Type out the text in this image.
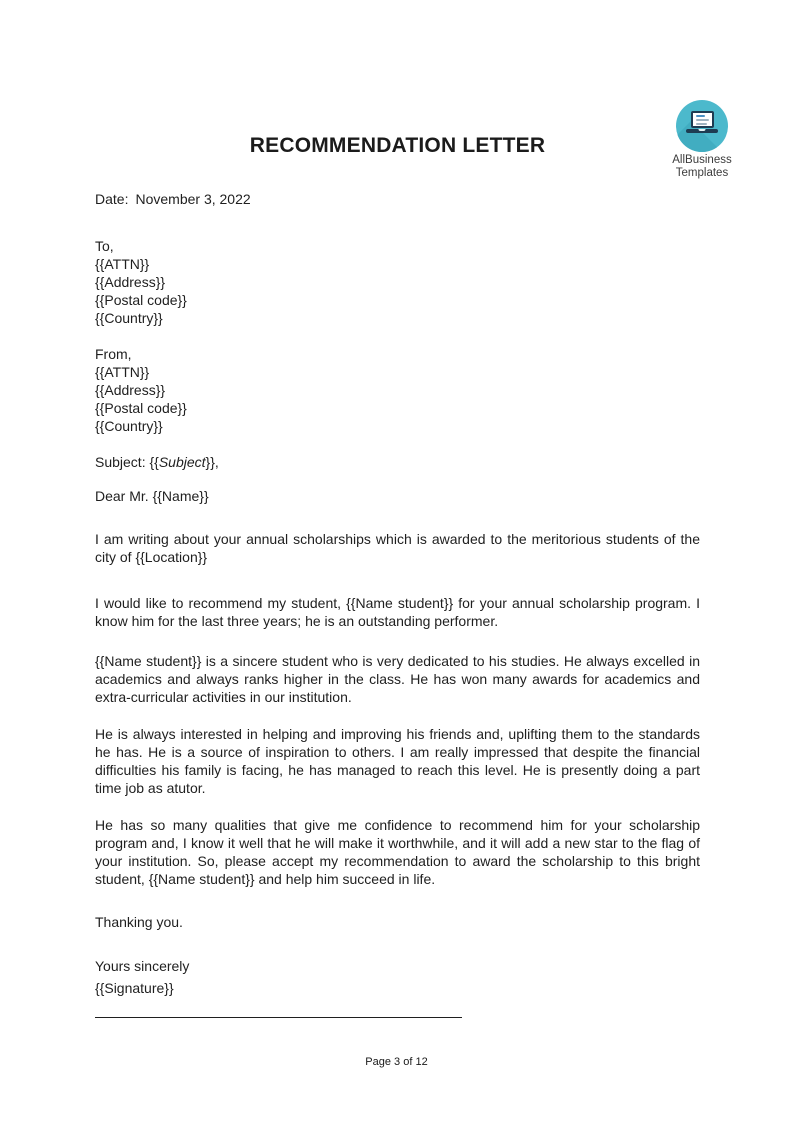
AllBusiness
Templates
RECOMMENDATION LETTER
Date: November 3, 2022
To,
{{ATTN}}
{{Address}}
{{Postal code}}
{{Country}}
From,
{{ATTN}}
{{Address}}
{{Postal code}}
{{Country}}
Subject: {{Subject}},
Dear Mr. {{Name}}

I am writing about your annual scholarships which is awarded to the meritorious students of the city of {{Location}}

I would like to recommend my student, {{Name student}} for your annual scholarship program. I know him for the last three years; he is an outstanding performer.

{{Name student}} is a sincere student who is very dedicated to his studies. He always excelled in academics and always ranks higher in the class. He has won many awards for academics and extra-curricular activities in our institution.

He is always interested in helping and improving his friends and, uplifting them to the standards he has. He is a source of inspiration to others. I am really impressed that despite the financial difficulties his family is facing, he has managed to reach this level. He is presently doing a part time job as atutor.

He has so many qualities that give me confidence to recommend him for your scholarship program and, I know it well that he will make it worthwhile, and it will add a new star to the flag of your institution. So, please accept my recommendation to award the scholarship to this bright student, {{Name student}} and help him succeed in life.

Thanking you.
Yours sincerely
{{Signature}}
Page 3 of 12
